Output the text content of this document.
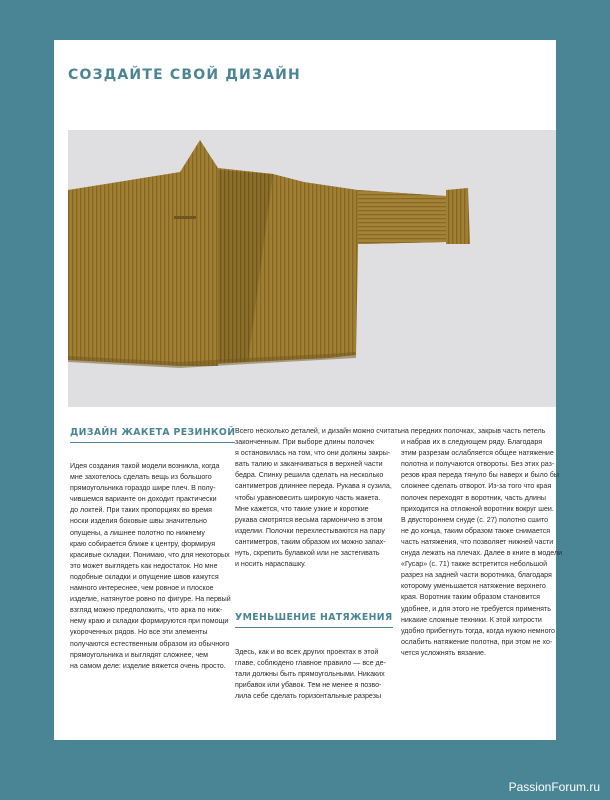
СОЗДАЙТЕ СВОЙ ДИЗАЙН
ДИЗАЙН ЖАКЕТА РЕЗИНКОЙ
Идея создания такой модели возникла, когда
мне захотелось сделать вещь из большого
прямоугольника гораздо шире плеч. В полу-
чившемся варианте он доходит практически
до локтей. При таких пропорциях во время
носки изделия боковые швы значительно
опущены, а лишнее полотно по нижнему
краю собирается ближе к центру, формируя
красивые складки. Понимаю, что для некоторых
это может выглядеть как недостаток. Но мне
подобные складки и опущение швов кажутся
намного интереснее, чем ровное и плоское
изделие, натянутое ровно по фигуре. На первый
взгляд можно предположить, что арка по ниж-
нему краю и складки формируются при помощи
укороченных рядов. Но все эти элементы
получаются естественным образом из обычного
прямоугольника и выглядят сложнее, чем
на самом деле: изделие вяжется очень просто.
Всего несколько деталей, и дизайн можно считать
законченным. При выборе длины полочек
я остановилась на том, что они должны закры-
вать талию и заканчиваться в верхней части
бедра. Спинку решила сделать на несколько
сантиметров длиннее переда. Рукава я сузила,
чтобы уравновесить широкую часть жакета.
Мне кажется, что такие узкие и короткие
рукава смотрятся весьма гармонично в этом
изделии. Полочки перехлестываются на пару
сантиметров, таким образом их можно запах-
нуть, скрепить булавкой или не застегивать
и носить нараспашку.
УМЕНЬШЕНИЕ НАТЯЖЕНИЯ
Здесь, как и во всех других проектах в этой
главе, соблюдено главное правило — все де-
тали должны быть прямоугольными. Никаких
прибавок или убавок. Тем не менее я позво-
лила себе сделать горизонтальные разрезы
на передних полочках, закрыв часть петель
и набрав их в следующем ряду. Благодаря
этим разрезам ослабляется общее натяжение
полотна и получаются отвороты. Без этих раз-
резов края переда тянуло бы наверх и было бы
сложнее сделать отворот. Из-за того что края
полочек переходят в воротник, часть длины
приходится на отложной воротник вокруг шеи.
В двустороннем снуде (с. 27) полотно сшито
не до конца, таким образом также снимается
часть натяжения, что позволяет нижней части
снуда лежать на плечах. Далее в книге в модели
«Гусар» (с. 71) также встретится небольшой
разрез на задней части воротника, благодаря
которому уменьшается натяжение верхнего
края. Воротник таким образом становится
удобнее, и для этого не требуется применять
никакие сложные техники. К этой хитрости
удобно прибегнуть тогда, когда нужно немного
ослабить натяжение полотна, при этом не хо-
чется усложнять вязание.
PassionForum.ru
